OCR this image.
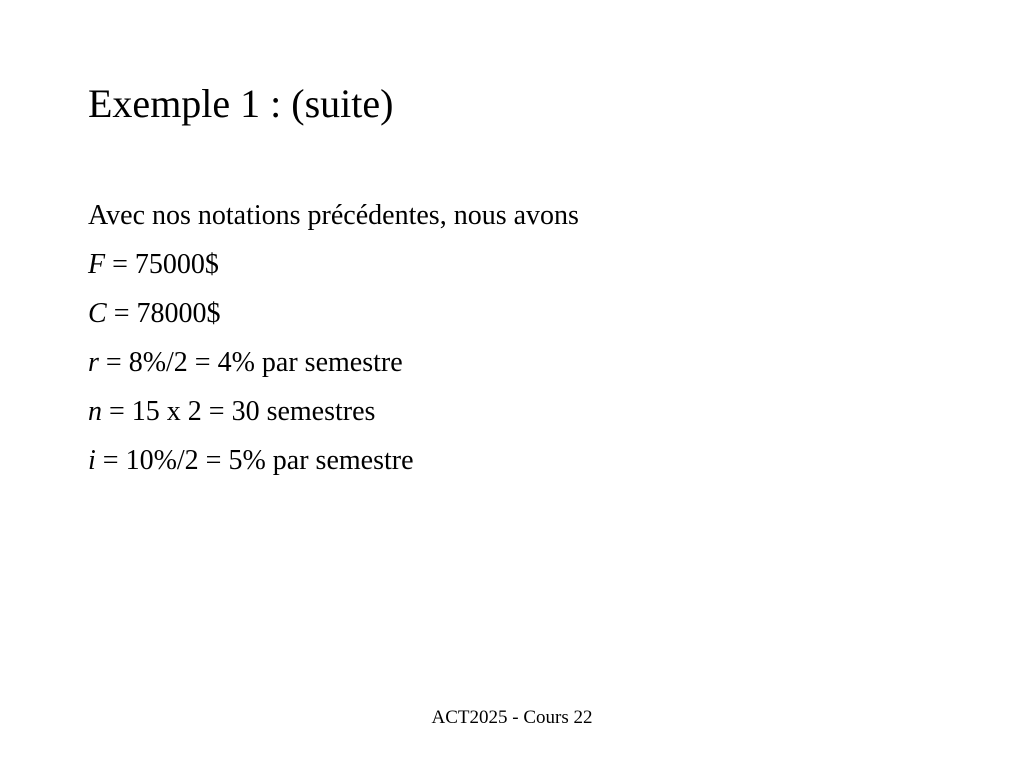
Exemple 1 : (suite)
Avec nos notations précédentes, nous avons
F = 75000$
C = 78000$
r = 8%/2 = 4% par semestre
n = 15 x 2 = 30 semestres
i = 10%/2 = 5% par semestre
ACT2025 - Cours 22
